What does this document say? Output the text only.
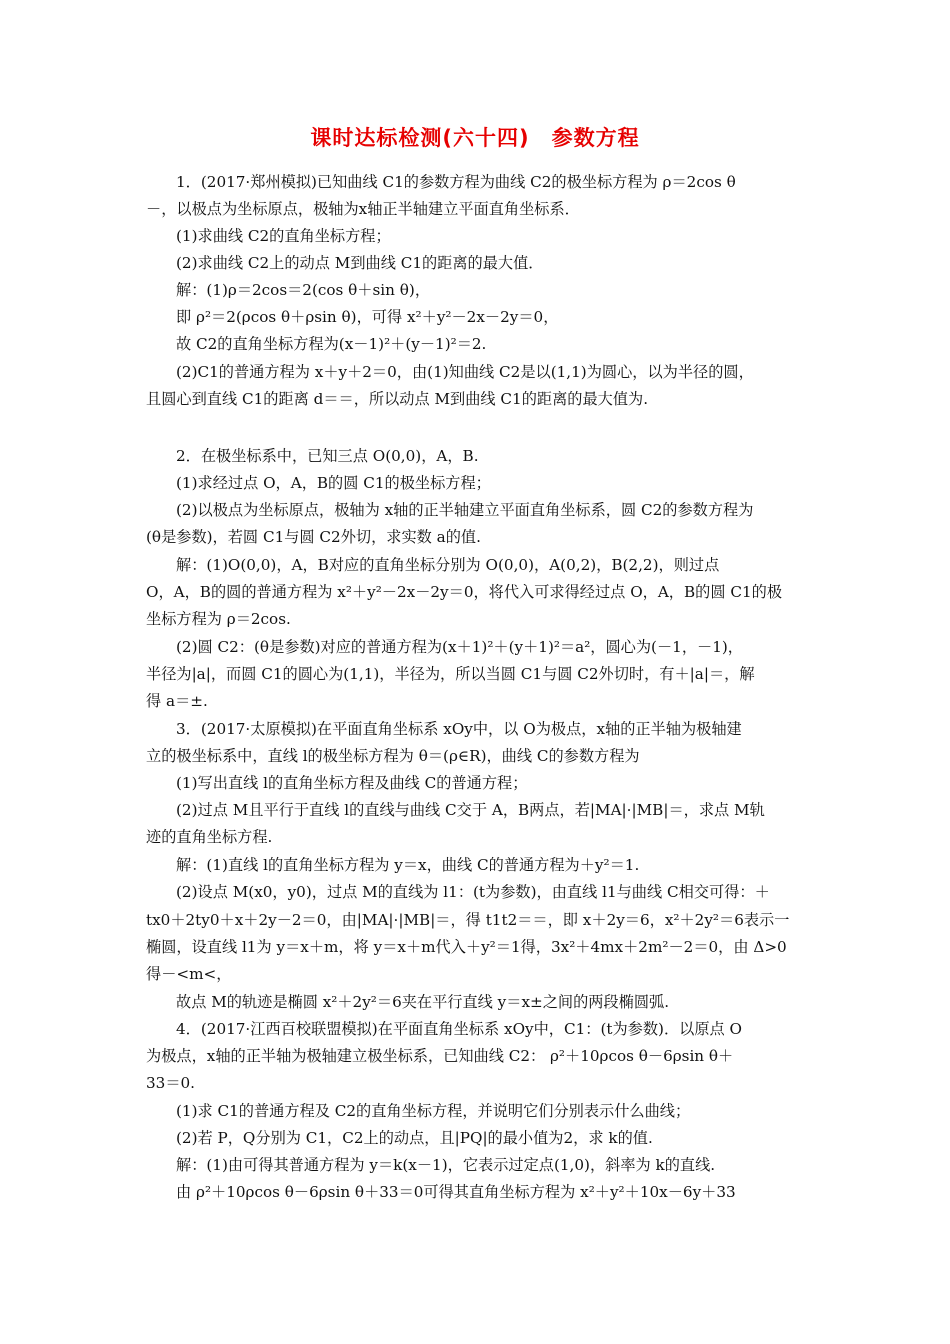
课时达标检测(六十四)　参数方程
1．(2017·郑州模拟)已知曲线 C1的参数方程为曲线 C2的极坐标方程为 ρ＝2cos θ
－，以极点为坐标原点，极轴为x轴正半轴建立平面直角坐标系．
(1)求曲线 C2的直角坐标方程；
(2)求曲线 C2上的动点 M到曲线 C1的距离的最大值．
解：(1)ρ＝2cos＝2(cos θ＋sin θ)，
即 ρ²＝2(ρcos θ＋ρsin θ)，可得 x²＋y²－2x－2y＝0，
故 C2的直角坐标方程为(x－1)²＋(y－1)²＝2.
(2)C1的普通方程为 x＋y＋2＝0，由(1)知曲线 C2是以(1,1)为圆心，以为半径的圆，
且圆心到直线 C1的距离 d＝＝，所以动点 M到曲线 C1的距离的最大值为.
2．在极坐标系中，已知三点 O(0,0)，A，B.
(1)求经过点 O，A，B的圆 C1的极坐标方程；
(2)以极点为坐标原点，极轴为 x轴的正半轴建立平面直角坐标系，圆 C2的参数方程为
(θ是参数)，若圆 C1与圆 C2外切，求实数 a的值.
解：(1)O(0,0)，A，B对应的直角坐标分别为 O(0,0)，A(0,2)，B(2,2)，则过点
O，A，B的圆的普通方程为 x²＋y²－2x－2y＝0，将代入可求得经过点 O，A，B的圆 C1的极
坐标方程为 ρ＝2cos.
(2)圆 C2：(θ是参数)对应的普通方程为(x＋1)²＋(y＋1)²＝a²，圆心为(－1，－1)，
半径为|a|，而圆 C1的圆心为(1,1)，半径为，所以当圆 C1与圆 C2外切时，有＋|a|＝，解
得 a＝±.
3．(2017·太原模拟)在平面直角坐标系 xOy中，以 O为极点，x轴的正半轴为极轴建
立的极坐标系中，直线 l的极坐标方程为 θ＝(ρ∈R)，曲线 C的参数方程为
(1)写出直线 l的直角坐标方程及曲线 C的普通方程；
(2)过点 M且平行于直线 l的直线与曲线 C交于 A，B两点，若|MA|·|MB|＝，求点 M轨
迹的直角坐标方程.
解：(1)直线 l的直角坐标方程为 y＝x，曲线 C的普通方程为＋y²＝1.
(2)设点 M(x0，y0)，过点 M的直线为 l1：(t为参数)，由直线 l1与曲线 C相交可得：＋
tx0＋2ty0＋x＋2y－2＝0，由|MA|·|MB|＝，得 t1t2＝＝，即 x＋2y＝6，x²＋2y²＝6表示一
椭圆，设直线 l1为 y＝x＋m，将 y＝x＋m代入＋y²＝1得，3x²＋4mx＋2m²－2＝0，由 Δ>0
得－<m<，
故点 M的轨迹是椭圆 x²＋2y²＝6夹在平行直线 y＝x±之间的两段椭圆弧.
4．(2017·江西百校联盟模拟)在平面直角坐标系 xOy中，C1：(t为参数)．以原点 O
为极点，x轴的正半轴为极轴建立极坐标系，已知曲线 C2： ρ²＋10ρcos θ－6ρsin θ＋
33＝0.
(1)求 C1的普通方程及 C2的直角坐标方程，并说明它们分别表示什么曲线；
(2)若 P，Q分别为 C1，C2上的动点，且|PQ|的最小值为2，求 k的值.
解：(1)由可得其普通方程为 y＝k(x－1)，它表示过定点(1,0)，斜率为 k的直线.
由 ρ²＋10ρcos θ－6ρsin θ＋33＝0可得其直角坐标方程为 x²＋y²＋10x－6y＋33
